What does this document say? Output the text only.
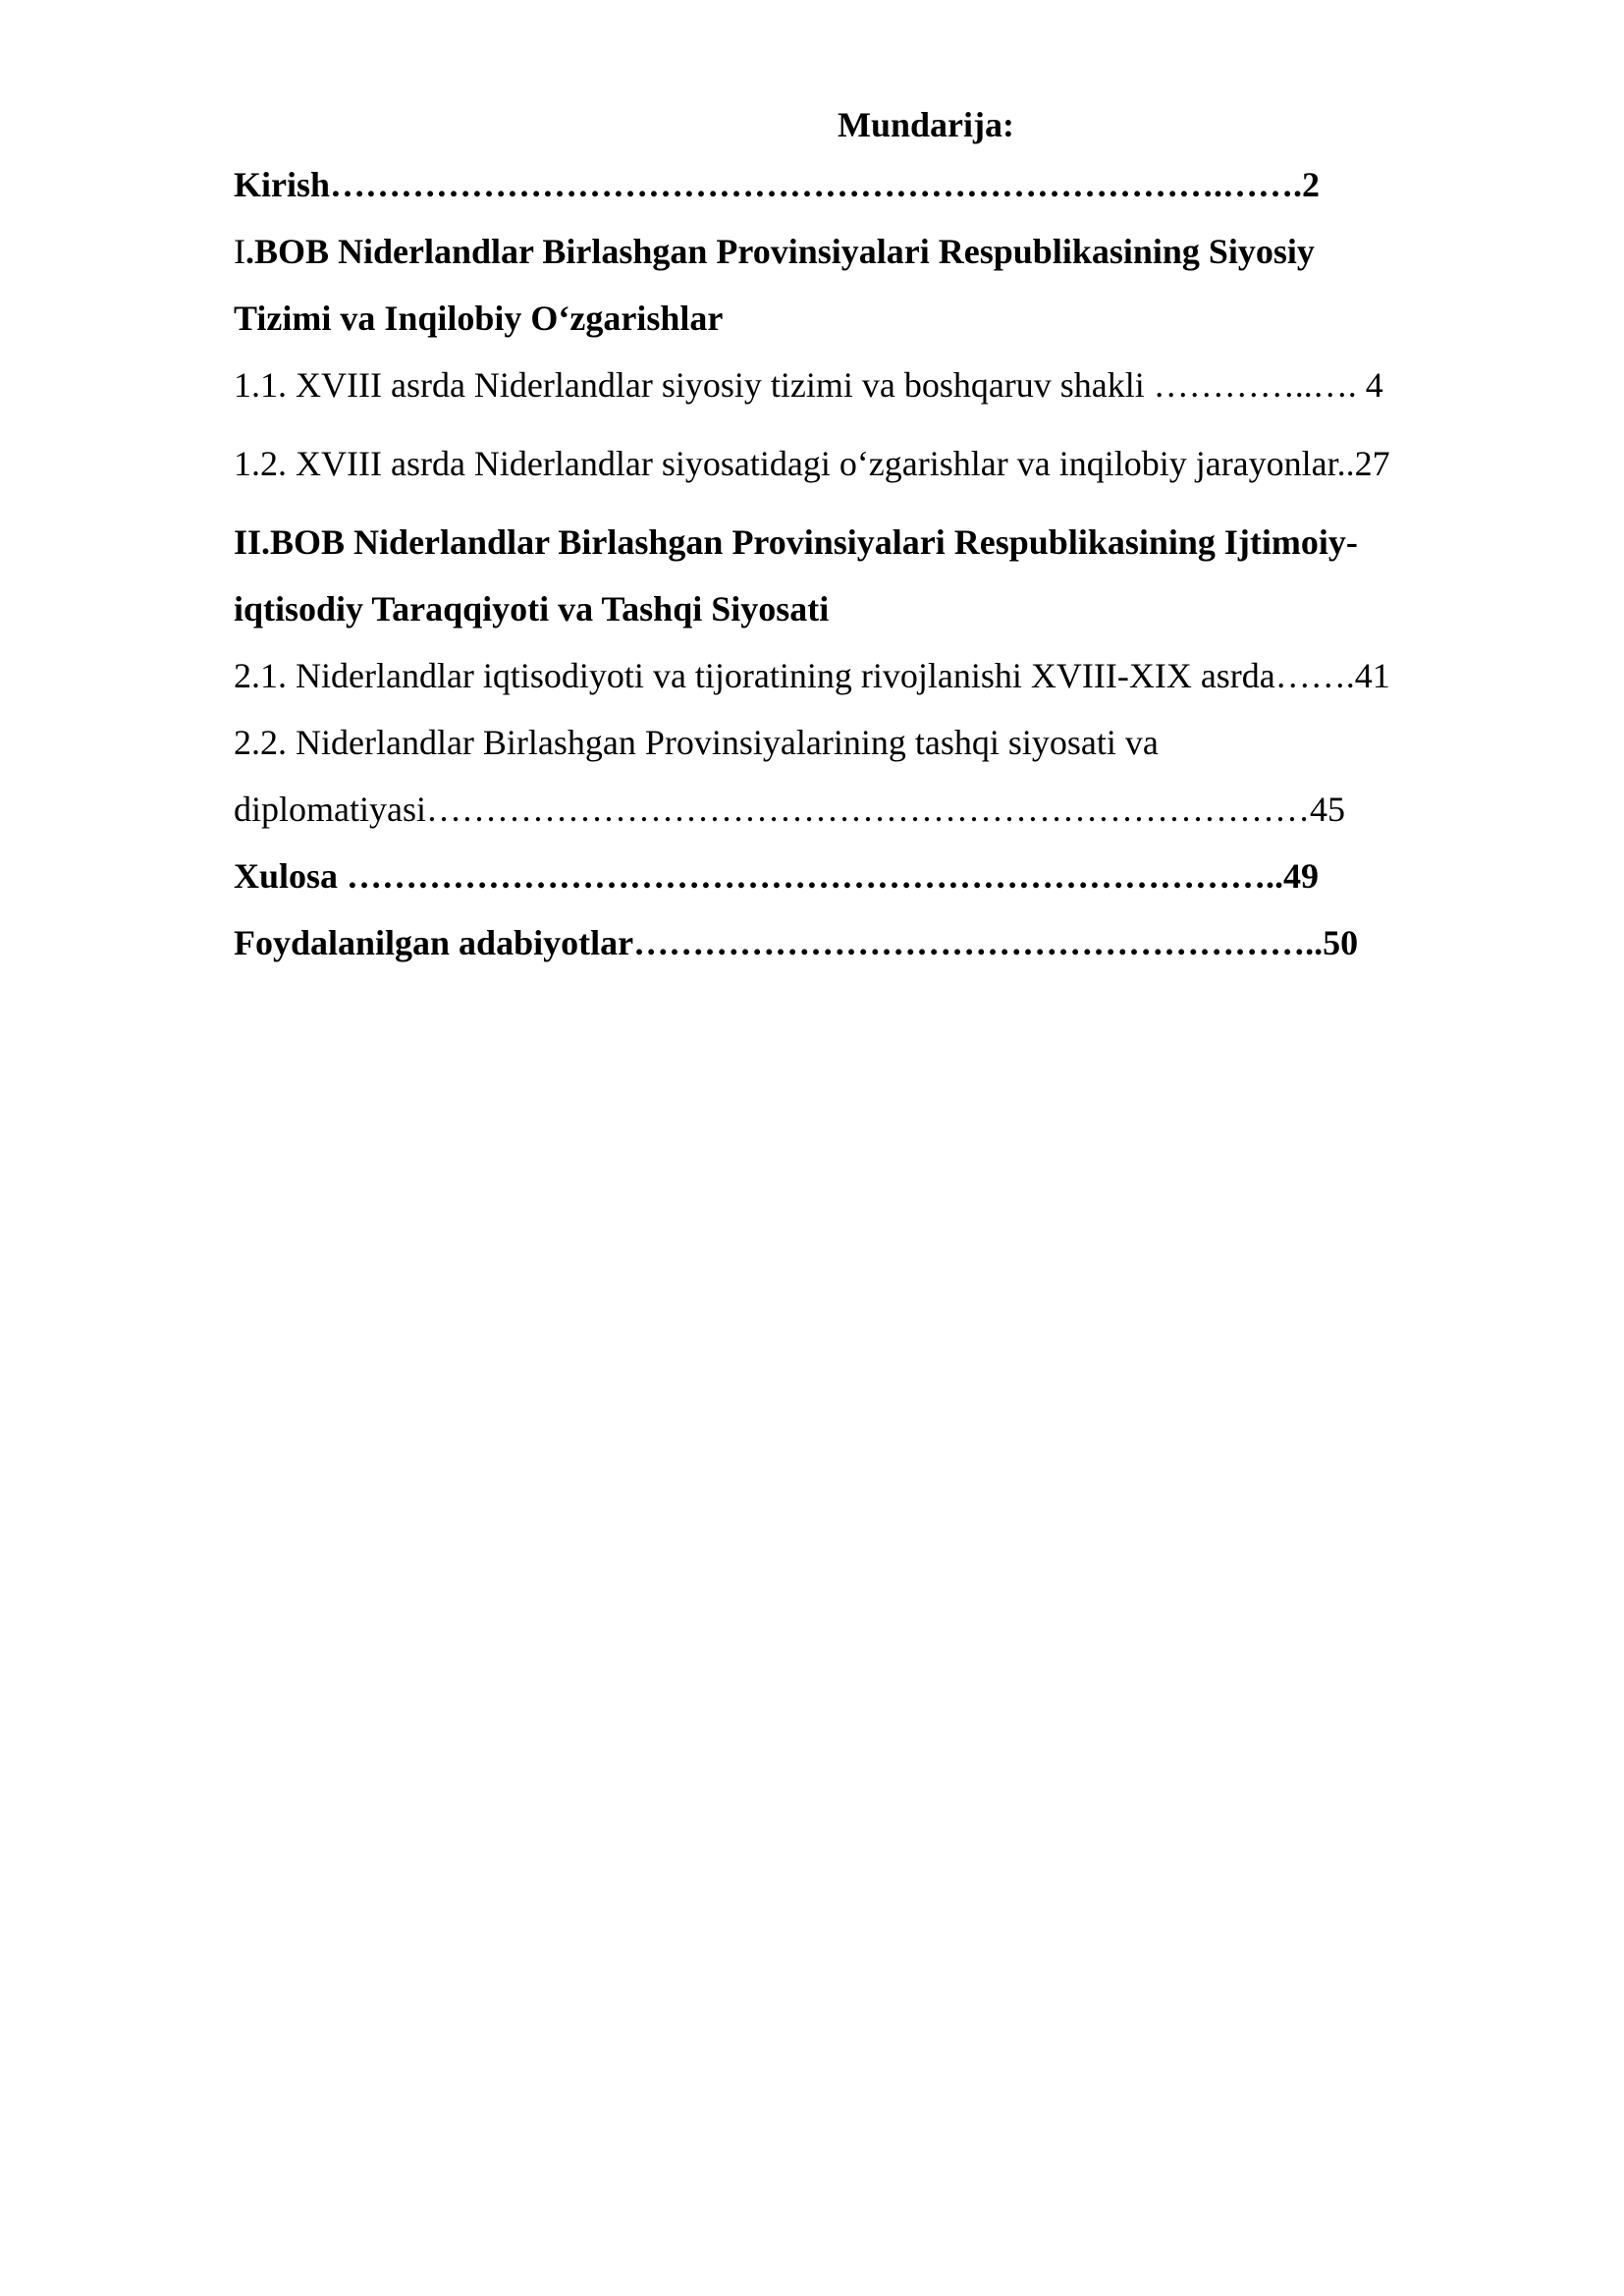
Mundarija:
Kirish………………………………………………………………….…….2
I.BOB Niderlandlar Birlashgan Provinsiyalari Respublikasining Siyosiy
Tizimi va Inqilobiy O‘zgarishlar
1.1. XVIII asrda Niderlandlar siyosiy tizimi va boshqaruv shakli …………..…. 4
1.2. XVIII asrda Niderlandlar siyosatidagi o‘zgarishlar va inqilobiy jarayonlar..27
II.BOB Niderlandlar Birlashgan Provinsiyalari Respublikasining Ijtimoiy-
iqtisodiy Taraqqiyoti va Tashqi Siyosati
2.1. Niderlandlar iqtisodiyoti va tijoratining rivojlanishi XVIII-XIX asrda…….41
2.2. Niderlandlar Birlashgan Provinsiyalarining tashqi siyosati va
diplomatiyasi…………………………………………………………………45
Xulosa ……………………………………………………………………..49
Foydalanilgan adabiyotlar…………………………………………………..50
